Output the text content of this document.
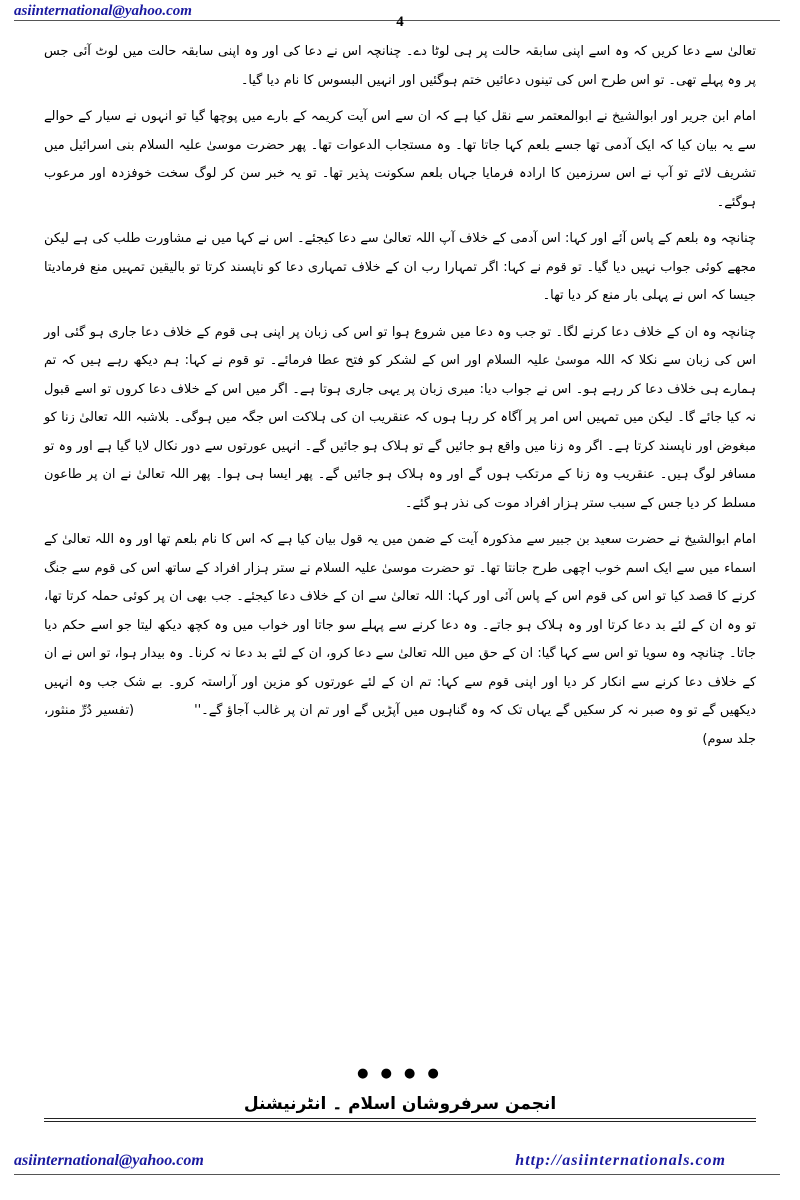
asiinternational@yahoo.com
4

تعالیٰ سے دعا کریں کہ وہ اسے اپنی سابقہ حالت پر ہی لوٹا دے۔ چنانچہ اس نے دعا کی اور وہ اپنی سابقہ حالت میں لوٹ آئی جس پر وہ پہلے تھی۔ تو اس طرح اس کی تینوں دعائیں ختم ہوگئیں اور انہیں البسوس کا نام دیا گیا۔

امام ابن جریر اور ابوالشیخ نے ابوالمعتمر سے نقل کیا ہے کہ ان سے اس آیت کریمہ کے بارے میں پوچھا گیا تو انہوں نے سیار کے حوالے سے یہ بیان کیا کہ ایک آدمی تھا جسے بلعم کہا جاتا تھا۔ وہ مستجاب الدعوات تھا۔ پھر حضرت موسیٰ علیہ السلام بنی اسرائیل میں تشریف لائے تو آپ نے اس سرزمین کا ارادہ فرمایا جہاں بلعم سکونت پذیر تھا۔ تو یہ خبر سن کر لوگ سخت خوفزدہ اور مرعوب ہوگئے۔

چنانچہ وہ بلعم کے پاس آئے اور کہا: اس آدمی کے خلاف آپ اللہ تعالیٰ سے دعا کیجئے۔ اس نے کہا میں نے مشاورت طلب کی ہے لیکن مجھے کوئی جواب نہیں دیا گیا۔ تو قوم نے کہا: اگر تمہارا رب ان کے خلاف تمہاری دعا کو ناپسند کرتا تو بالیقین تمہیں منع فرمادیتا جیسا کہ اس نے پہلی بار منع کر دیا تھا۔

چنانچہ وہ ان کے خلاف دعا کرنے لگا۔ تو جب وہ دعا میں شروع ہوا تو اس کی زبان پر اپنی ہی قوم کے خلاف دعا جاری ہو گئی اور اس کی زبان سے نکلا کہ اللہ موسیٰ علیہ السلام اور اس کے لشکر کو فتح عطا فرمائے۔ تو قوم نے کہا: ہم دیکھ رہے ہیں کہ تم ہمارے ہی خلاف دعا کر رہے ہو۔ اس نے جواب دیا: میری زبان پر یہی جاری ہوتا ہے۔ اگر میں اس کے خلاف دعا کروں تو اسے قبول نہ کیا جائے گا۔ لیکن میں تمہیں اس امر پر آگاہ کر رہا ہوں کہ عنقریب ان کی ہلاکت اس جگہ میں ہوگی۔ بلاشبہ اللہ تعالیٰ زنا کو مبغوض اور ناپسند کرتا ہے۔ اگر وہ زنا میں واقع ہو جائیں گے تو ہلاک ہو جائیں گے۔ انہیں عورتوں سے دور نکال لایا گیا ہے اور وہ تو مسافر لوگ ہیں۔ عنقریب وہ زنا کے مرتکب ہوں گے اور وہ ہلاک ہو جائیں گے۔ پھر ایسا ہی ہوا۔ پھر اللہ تعالیٰ نے ان پر طاعون مسلط کر دیا جس کے سبب ستر ہزار افراد موت کی نذر ہو گئے۔

امام ابوالشیخ نے حضرت سعید بن جبیر سے مذکورہ آیت کے ضمن میں یہ قول بیان کیا ہے کہ اس کا نام بلعم تھا اور وہ اللہ تعالیٰ کے اسماء میں سے ایک اسم خوب اچھی طرح جانتا تھا۔ تو حضرت موسیٰ علیہ السلام نے ستر ہزار افراد کے ساتھ اس کی قوم سے جنگ کرنے کا قصد کیا تو اس کی قوم اس کے پاس آئی اور کہا: اللہ تعالیٰ سے ان کے خلاف دعا کیجئے۔ جب بھی ان پر کوئی حملہ کرتا تھا، تو وہ ان کے لئے بد دعا کرتا اور وہ ہلاک ہو جاتے۔ وہ دعا کرنے سے پہلے سو جاتا اور خواب میں وہ کچھ دیکھ لیتا جو اسے حکم دیا جاتا۔ چنانچہ وہ سویا تو اس سے کہا گیا: ان کے حق میں اللہ تعالیٰ سے دعا کرو، ان کے لئے بد دعا نہ کرنا۔ وہ بیدار ہوا، تو اس نے ان کے خلاف دعا کرنے سے انکار کر دیا اور اپنی قوم سے کہا: تم ان کے لئے عورتوں کو مزین اور آراستہ کرو۔ بے شک جب وہ انہیں دیکھیں گے تو وہ صبر نہ کر سکیں گے یہاں تک کہ وہ گناہوں میں آپڑیں گے اور تم ان پر غالب آجاؤ گے۔''(تفسیر دُرِّ منثور، جلد سوم)

● ● ● ●
انجمن سرفروشان اسلام ۔ انٹرنیشنل
asiinternational@yahoo.com	http://asiinternationals.com
